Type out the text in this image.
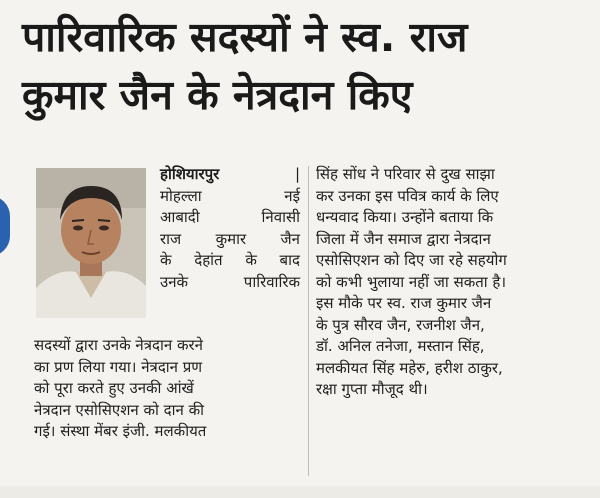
पारिवारिक सदस्यों ने स्व. राज
कुमार जैन के नेत्रदान किए
होशियारपुर	|
मोहल्ला	नई
आबादी	निवासी
राज कुमार जैन
के देहांत के बाद
उनके	पारिवारिक
सदस्यों द्वारा उनके नेत्रदान करने
का प्रण लिया गया। नेत्रदान प्रण
को पूरा करते हुए उनकी आंखें
नेत्रदान एसोसिएशन को दान की
गई। संस्था मेंबर इंजी. मलकीयत
सिंह सोंध ने परिवार से दुख साझा
कर उनका इस पवित्र कार्य के लिए
धन्यवाद किया। उन्होंने बताया कि
जिला में जैन समाज द्वारा नेत्रदान
एसोसिएशन को दिए जा रहे सहयोग
को कभी भुलाया नहीं जा सकता है।
इस मौके पर स्व. राज कुमार जैन
के पुत्र सौरव जैन, रजनीश जैन,
डॉ. अनिल तनेजा, मस्तान सिंह,
मलकीयत सिंह महेरु, हरीश ठाकुर,
रक्षा गुप्ता मौजूद थी।
